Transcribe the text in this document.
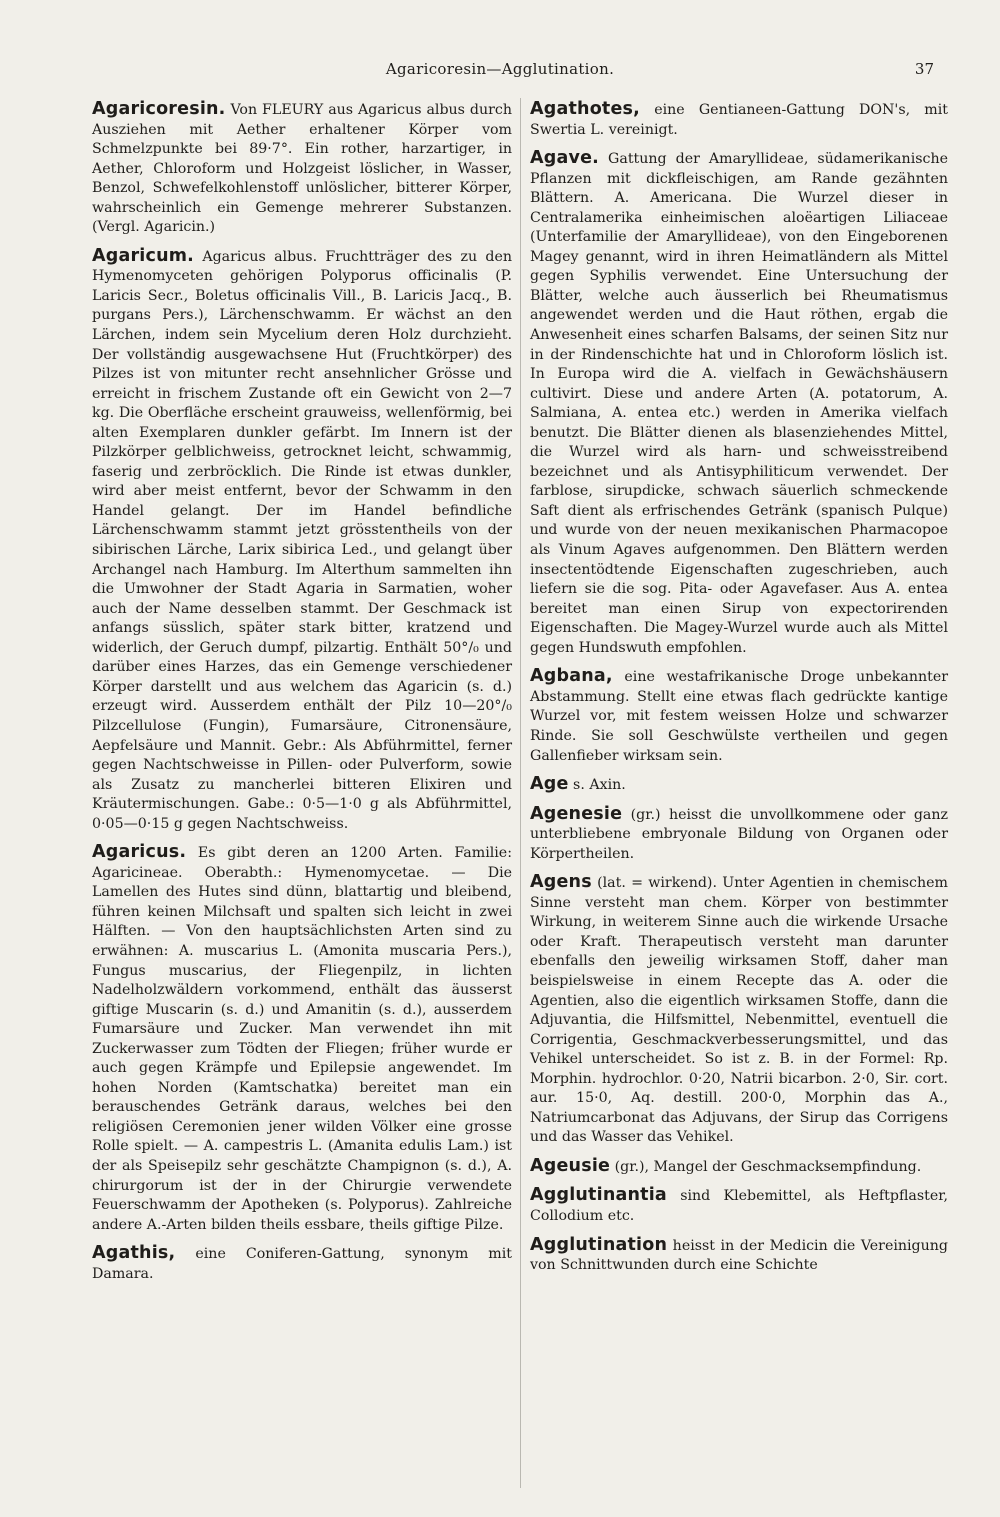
Agaricoresin—Agglutination.	37

Agaricoresin. Von FLEURY aus Agaricus albus durch Ausziehen mit Aether erhaltener Körper vom Schmelzpunkte bei 89·7°. Ein rother, harzartiger, in Aether, Chloroform und Holzgeist löslicher, in Wasser, Benzol, Schwefelkohlenstoff unlöslicher, bitterer Körper, wahrscheinlich ein Gemenge mehrerer Substanzen. (Vergl. Agaricin.)

Agaricum. Agaricus albus. Fruchtträger des zu den Hymenomyceten gehörigen Polyporus officinalis (P. Laricis Secr., Boletus officinalis Vill., B. Laricis Jacq., B. purgans Pers.), Lärchenschwamm. Er wächst an den Lärchen, indem sein Mycelium deren Holz durchzieht. Der vollständig ausgewachsene Hut (Fruchtkörper) des Pilzes ist von mitunter recht ansehnlicher Grösse und erreicht in frischem Zustande oft ein Gewicht von 2—7 kg. Die Oberfläche erscheint grauweiss, wellenförmig, bei alten Exemplaren dunkler gefärbt. Im Innern ist der Pilzkörper gelblichweiss, getrocknet leicht, schwammig, faserig und zerbröcklich. Die Rinde ist etwas dunkler, wird aber meist entfernt, bevor der Schwamm in den Handel gelangt. Der im Handel befindliche Lärchenschwamm stammt jetzt grösstentheils von der sibirischen Lärche, Larix sibirica Led., und gelangt über Archangel nach Hamburg. Im Alterthum sammelten ihn die Umwohner der Stadt Agaria in Sarmatien, woher auch der Name desselben stammt. Der Geschmack ist anfangs süsslich, später stark bitter, kratzend und widerlich, der Geruch dumpf, pilzartig. Enthält 50°/₀ und darüber eines Harzes, das ein Gemenge verschiedener Körper darstellt und aus welchem das Agaricin (s. d.) erzeugt wird. Ausserdem enthält der Pilz 10—20°/₀ Pilzcellulose (Fungin), Fumarsäure, Citronensäure, Aepfelsäure und Mannit. Gebr.: Als Abführmittel, ferner gegen Nachtschweisse in Pillen- oder Pulverform, sowie als Zusatz zu mancherlei bitteren Elixiren und Kräutermischungen. Gabe.: 0·5—1·0 g als Abführmittel, 0·05—0·15 g gegen Nachtschweiss.

Agaricus. Es gibt deren an 1200 Arten. Familie: Agaricineae. Oberabth.: Hymenomycetae. — Die Lamellen des Hutes sind dünn, blattartig und bleibend, führen keinen Milchsaft und spalten sich leicht in zwei Hälften. — Von den hauptsächlichsten Arten sind zu erwähnen: A. muscarius L. (Amonita muscaria Pers.), Fungus muscarius, der Fliegenpilz, in lichten Nadelholzwäldern vorkommend, enthält das äusserst giftige Muscarin (s. d.) und Amanitin (s. d.), ausserdem Fumarsäure und Zucker. Man verwendet ihn mit Zuckerwasser zum Tödten der Fliegen; früher wurde er auch gegen Krämpfe und Epilepsie angewendet. Im hohen Norden (Kamtschatka) bereitet man ein berauschendes Getränk daraus, welches bei den religiösen Ceremonien jener wilden Völker eine grosse Rolle spielt. — A. campestris L. (Amanita edulis Lam.) ist der als Speisepilz sehr geschätzte Champignon (s. d.), A. chirurgorum ist der in der Chirurgie verwendete Feuerschwamm der Apotheken (s. Polyporus). Zahlreiche andere A.-Arten bilden theils essbare, theils giftige Pilze.

Agathis, eine Coniferen-Gattung, synonym mit Damara.

Agathotes, eine Gentianeen-Gattung DON's, mit Swertia L. vereinigt.

Agave. Gattung der Amaryllideae, südamerikanische Pflanzen mit dickfleischigen, am Rande gezähnten Blättern. A. Americana. Die Wurzel dieser in Centralamerika einheimischen aloëartigen Liliaceae (Unterfamilie der Amaryllideae), von den Eingeborenen Magey genannt, wird in ihren Heimatländern als Mittel gegen Syphilis verwendet. Eine Untersuchung der Blätter, welche auch äusserlich bei Rheumatismus angewendet werden und die Haut röthen, ergab die Anwesenheit eines scharfen Balsams, der seinen Sitz nur in der Rindenschichte hat und in Chloroform löslich ist. In Europa wird die A. vielfach in Gewächshäusern cultivirt. Diese und andere Arten (A. potatorum, A. Salmiana, A. entea etc.) werden in Amerika vielfach benutzt. Die Blätter dienen als blasenziehendes Mittel, die Wurzel wird als harn- und schweisstreibend bezeichnet und als Antisyphiliticum verwendet. Der farblose, sirupdicke, schwach säuerlich schmeckende Saft dient als erfrischendes Getränk (spanisch Pulque) und wurde von der neuen mexikanischen Pharmacopoe als Vinum Agaves aufgenommen. Den Blättern werden insectentödtende Eigenschaften zugeschrieben, auch liefern sie die sog. Pita- oder Agavefaser. Aus A. entea bereitet man einen Sirup von expectorirenden Eigenschaften. Die Magey-Wurzel wurde auch als Mittel gegen Hundswuth empfohlen.

Agbana, eine westafrikanische Droge unbekannter Abstammung. Stellt eine etwas flach gedrückte kantige Wurzel vor, mit festem weissen Holze und schwarzer Rinde. Sie soll Geschwülste vertheilen und gegen Gallenfieber wirksam sein.

Age s. Axin.

Agenesie (gr.) heisst die unvollkommene oder ganz unterbliebene embryonale Bildung von Organen oder Körpertheilen.

Agens (lat. = wirkend). Unter Agentien in chemischem Sinne versteht man chem. Körper von bestimmter Wirkung, in weiterem Sinne auch die wirkende Ursache oder Kraft. Therapeutisch versteht man darunter ebenfalls den jeweilig wirksamen Stoff, daher man beispielsweise in einem Recepte das A. oder die Agentien, also die eigentlich wirksamen Stoffe, dann die Adjuvantia, die Hilfsmittel, Nebenmittel, eventuell die Corrigentia, Geschmackverbesserungsmittel, und das Vehikel unterscheidet. So ist z. B. in der Formel: Rp. Morphin. hydrochlor. 0·20, Natrii bicarbon. 2·0, Sir. cort. aur. 15·0, Aq. destill. 200·0, Morphin das A., Natriumcarbonat das Adjuvans, der Sirup das Corrigens und das Wasser das Vehikel.

Ageusie (gr.), Mangel der Geschmacksempfindung.

Agglutinantia sind Klebemittel, als Heftpflaster, Collodium etc.

Agglutination heisst in der Medicin die Vereinigung von Schnittwunden durch eine Schichte
